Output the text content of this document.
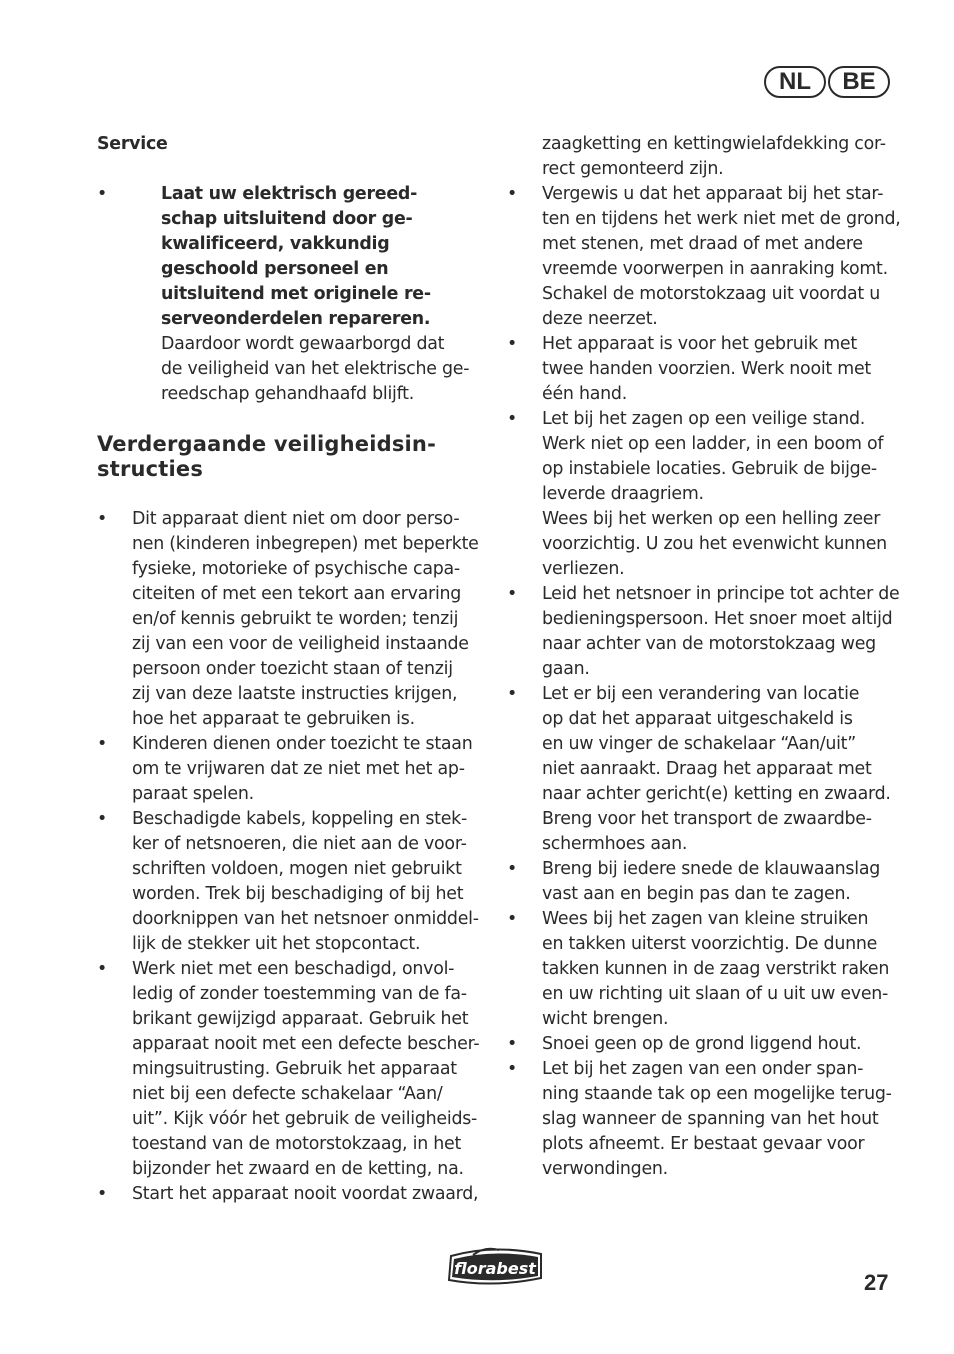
NL	BE
Service
•	Laat uw elektrisch gereed-
schap uitsluitend door ge-
kwalificeerd, vakkundig
geschoold personeel en
uitsluitend met originele re-
serveonderdelen repareren.
Daardoor wordt gewaarborgd dat
de veiligheid van het elektrische ge-
reedschap gehandhaafd blijft.
Verdergaande veiligheidsin-
structies
• Dit apparaat dient niet om door perso-
nen (kinderen inbegrepen) met beperkte
fysieke, motorieke of psychische capa-
citeiten of met een tekort aan ervaring
en/of kennis gebruikt te worden; tenzij
zij van een voor de veiligheid instaande
persoon onder toezicht staan of tenzij
zij van deze laatste instructies krijgen,
hoe het apparaat te gebruiken is.
• Kinderen dienen onder toezicht te staan
om te vrijwaren dat ze niet met het ap-
paraat spelen.
• Beschadigde kabels, koppeling en stek-
ker of netsnoeren, die niet aan de voor-
schriften voldoen, mogen niet gebruikt
worden. Trek bij beschadiging of bij het
doorknippen van het netsnoer onmiddel-
lijk de stekker uit het stopcontact.
• Werk niet met een beschadigd, onvol-
ledig of zonder toestemming van de fa-
brikant gewijzigd apparaat. Gebruik het
apparaat nooit met een defecte bescher-
mingsuitrusting. Gebruik het apparaat
niet bij een defecte schakelaar “Aan/
uit”. Kijk vóór het gebruik de veiligheids-
toestand van de motorstokzaag, in het
bijzonder het zwaard en de ketting, na.
• Start het apparaat nooit voordat zwaard,
zaagketting en kettingwielafdekking cor-
rect gemonteerd zijn.
• Vergewis u dat het apparaat bij het star-
ten en tijdens het werk niet met de grond,
met stenen, met draad of met andere
vreemde voorwerpen in aanraking komt.
Schakel de motorstokzaag uit voordat u
deze neerzet.
• Het apparaat is voor het gebruik met
twee handen voorzien. Werk nooit met
één hand.
• Let bij het zagen op een veilige stand.
Werk niet op een ladder, in een boom of
op instabiele locaties. Gebruik de bijge-
leverde draagriem.
Wees bij het werken op een helling zeer
voorzichtig. U zou het evenwicht kunnen
verliezen.
• Leid het netsnoer in principe tot achter de
bedieningspersoon. Het snoer moet altijd
naar achter van de motorstokzaag weg
gaan.
• Let er bij een verandering van locatie
op dat het apparaat uitgeschakeld is
en uw vinger de schakelaar “Aan/uit”
niet aanraakt. Draag het apparaat met
naar achter gericht(e) ketting en zwaard.
Breng voor het transport de zwaardbe-
schermhoes aan.
• Breng bij iedere snede de klauwaanslag
vast aan en begin pas dan te zagen.
• Wees bij het zagen van kleine struiken
en takken uiterst voorzichtig. De dunne
takken kunnen in de zaag verstrikt raken
en uw richting uit slaan of u uit uw even-
wicht brengen.
• Snoei geen op de grond liggend hout.
• Let bij het zagen van een onder span-
ning staande tak op een mogelijke terug-
slag wanneer de spanning van het hout
plots afneemt. Er bestaat gevaar voor
verwondingen.
florabest
27
